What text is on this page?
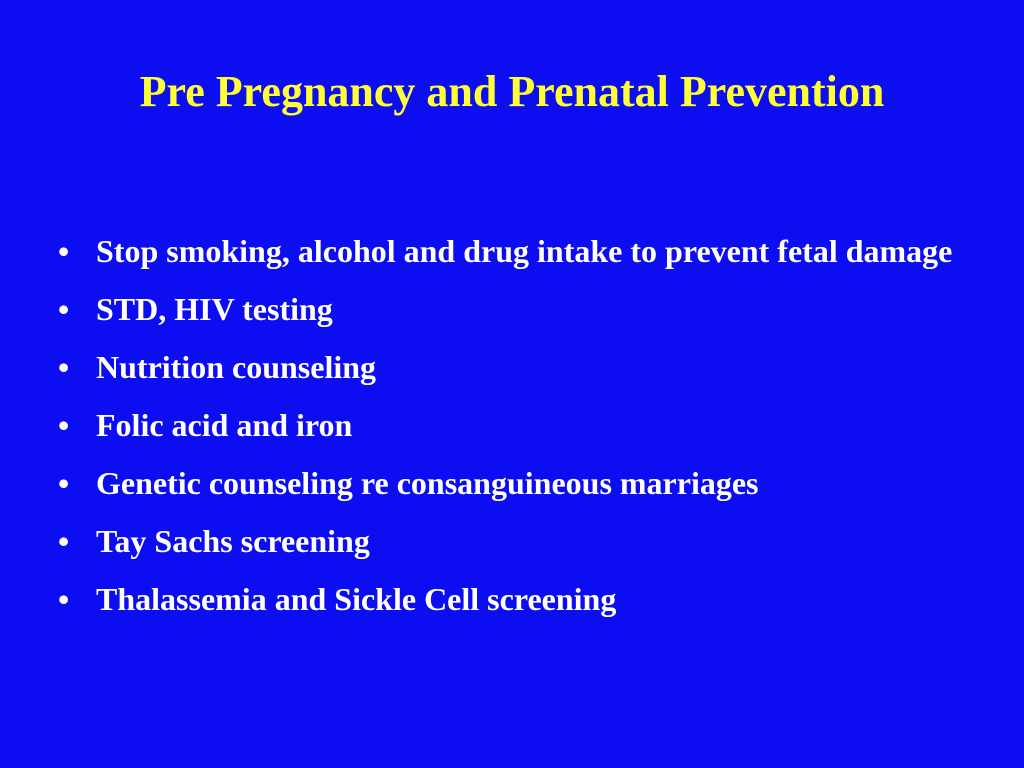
Pre Pregnancy and Prenatal Prevention
• Stop smoking, alcohol and drug intake to prevent fetal damage
• STD, HIV testing
• Nutrition counseling
• Folic acid and iron
• Genetic counseling re consanguineous marriages
• Tay Sachs screening
• Thalassemia and Sickle Cell screening
